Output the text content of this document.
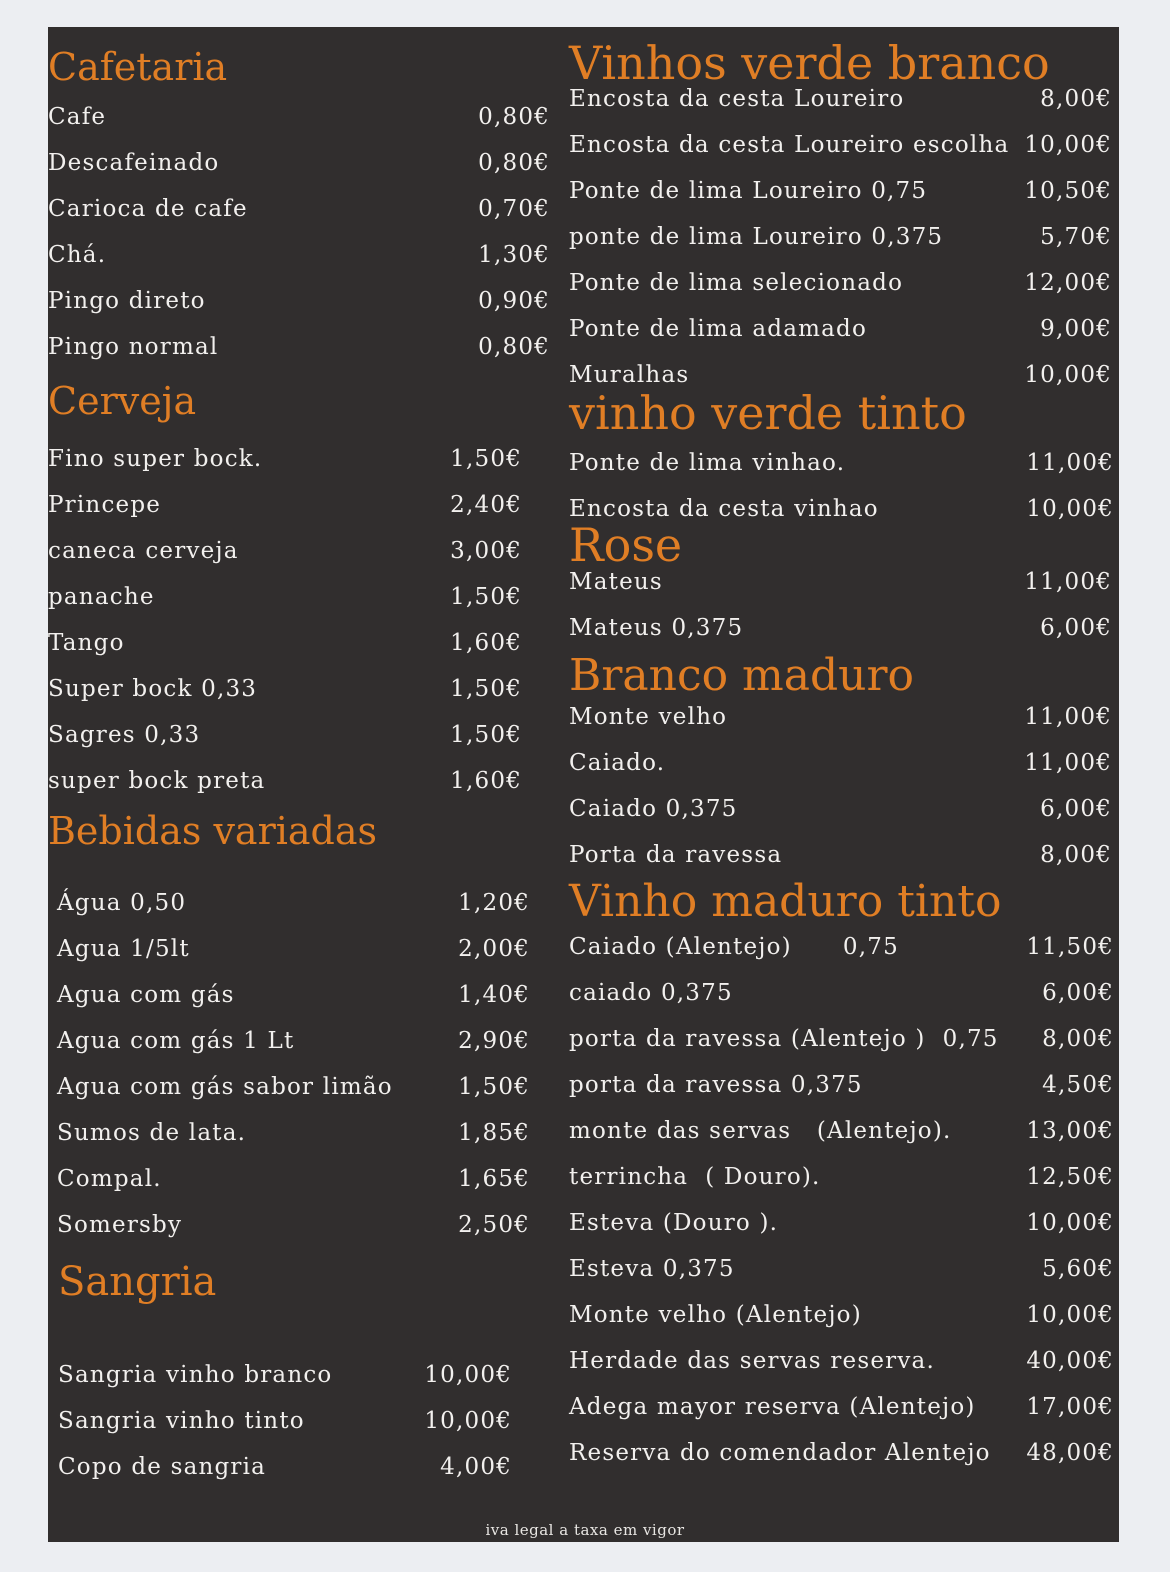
Cafetaria
Cafe	0,80€
Descafeinado	0,80€
Carioca de cafe	0,70€
Chá.	1,30€
Pingo direto	0,90€
Pingo normal	0,80€
Cerveja
Fino super bock.	1,50€
Princepe	2,40€
caneca cerveja	3,00€
panache	1,50€
Tango	1,60€
Super bock 0,33	1,50€
Sagres 0,33	1,50€
super bock preta	1,60€
Bebidas variadas
Água 0,50	1,20€
Agua 1/5lt	2,00€
Agua com gás	1,40€
Agua com gás 1 Lt	2,90€
Agua com gás sabor limão	1,50€
Sumos de lata.	1,85€
Compal.	1,65€
Somersby	2,50€
Sangria
Sangria vinho branco	10,00€
Sangria vinho tinto	10,00€
Copo de sangria	4,00€
Vinhos verde branco
Encosta da cesta Loureiro	8,00€
Encosta da cesta Loureiro escolha 10,00€
Ponte de lima Loureiro 0,75	10,50€
ponte de lima Loureiro 0,375	5,70€
Ponte de lima selecionado	12,00€
Ponte de lima adamado	9,00€
Muralhas	10,00€
vinho verde tinto
Ponte de lima vinhao.	11,00€
Encosta da cesta vinhao	10,00€
Rose
Mateus	11,00€
Mateus 0,375	6,00€
Branco maduro
Monte velho	11,00€
Caiado.	11,00€
Caiado 0,375	6,00€
Porta da ravessa	8,00€
Vinho maduro tinto
Caiado (Alentejo)      0,75	11,50€
caiado 0,375	6,00€
porta da ravessa (Alentejo )  0,75 8,00€
porta da ravessa 0,375	4,50€
monte das servas   (Alentejo).	13,00€
terrincha  ( Douro).	12,50€
Esteva (Douro ).	10,00€
Esteva 0,375	5,60€
Monte velho (Alentejo)	10,00€
Herdade das servas reserva.	40,00€
Adega mayor reserva (Alentejo) 17,00€
Reserva do comendador Alentejo 48,00€
iva legal a taxa em vigor
